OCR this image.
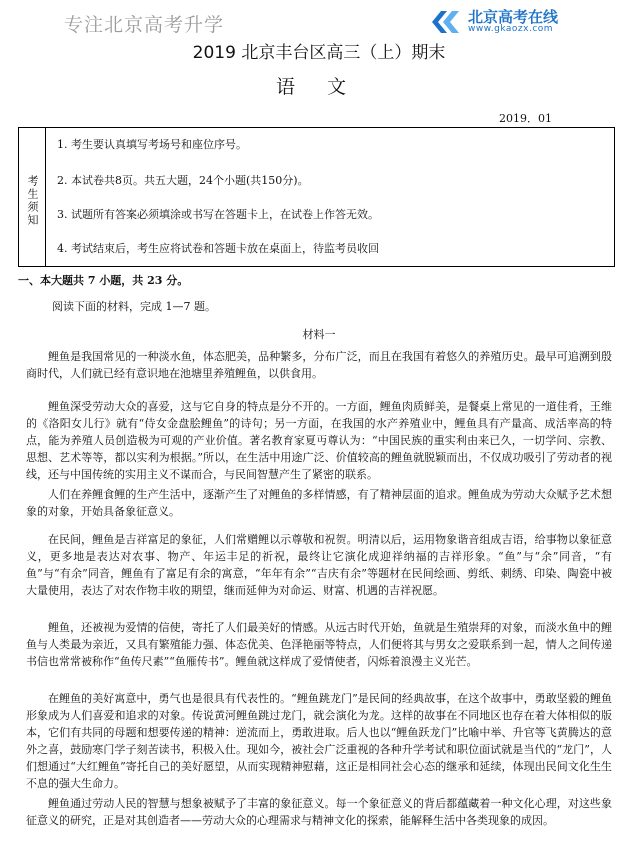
专注北京高考升学	北京高考在线
www.gkaozx.com
2019 北京丰台区高三（上）期末
语文
2019．01
考生须知
1. 考生要认真填写考场号和座位序号。
2. 本试卷共8页。共五大题，24个小题(共150分)。
3. 试题所有答案必须填涂或书写在答题卡上，在试卷上作答无效。
4. 考试结束后，考生应将试卷和答题卡放在桌面上，待监考员收回
一、本大题共 7 小题，共 23 分。
阅读下面的材料，完成 1—7 题。
材料一
鲤鱼是我国常见的一种淡水鱼，体态肥美，品种繁多，分布广泛，而且在我国有着悠久的养殖历史。最早可追溯到殷商时代，人们就已经有意识地在池塘里养殖鲤鱼，以供食用。
鲤鱼深受劳动大众的喜爱，这与它自身的特点是分不开的。一方面，鲤鱼肉质鲜美，是餐桌上常见的一道佳肴，王维的《洛阳女儿行》就有“侍女金盘脍鲤鱼”的诗句；另一方面，在我国的水产养殖业中，鲤鱼具有产量高、成活率高的特点，能为养殖人员创造极为可观的产业价值。著名教育家夏丏尊认为：“中国民族的重实利由来已久，一切学问、宗教、思想、艺术等等，都以实利为根据。”所以，在生活中用途广泛、价值较高的鲤鱼就脱颖而出，不仅成功吸引了劳动者的视线，还与中国传统的实用主义不谋而合，与民间智慧产生了紧密的联系。
人们在养鲤食鲤的生产生活中，逐渐产生了对鲤鱼的多样情感，有了精神层面的追求。鲤鱼成为劳动大众赋予艺术想象的对象，开始具备象征意义。
在民间，鲤鱼是吉祥富足的象征，人们常赠鲤以示尊敬和祝贺。明清以后，运用物象谐音组成吉语，给事物以象征意义，更多地是表达对农事、物产、年运丰足的祈祝，最终让它演化成迎祥纳福的吉祥形象。“鱼”与“余”同音，“有鱼”与“有余”同音，鲤鱼有了富足有余的寓意，“年年有余”“吉庆有余”等题材在民间绘画、剪纸、刺绣、印染、陶瓷中被大量使用，表达了对农作物丰收的期望，继而延伸为对命运、财富、机遇的吉祥祝愿。
鲤鱼，还被视为爱情的信使，寄托了人们最美好的情感。从远古时代开始，鱼就是生殖崇拜的对象，而淡水鱼中的鲤鱼与人类最为亲近，又具有繁殖能力强、体态优美、色泽艳丽等特点，人们便将其与男女之爱联系到一起，情人之间传递书信也常常被称作“鱼传尺素”“鱼雁传书”。鲤鱼就这样成了爱情使者，闪烁着浪漫主义光芒。
在鲤鱼的美好寓意中，勇气也是很具有代表性的。“鲤鱼跳龙门”是民间的经典故事，在这个故事中，勇敢坚毅的鲤鱼形象成为人们喜爱和追求的对象。传说黄河鲤鱼跳过龙门，就会演化为龙。这样的故事在不同地区也存在着大体相似的版本，它们有共同的母题和想要传递的精神：逆流而上，勇敢进取。后人也以“鲤鱼跃龙门”比喻中举、升官等飞黄腾达的意外之喜，鼓励寒门学子刻苦读书，积极入仕。现如今，被社会广泛重视的各种升学考试和职位面试就是当代的“龙门”，人们想通过“大红鲤鱼”寄托自己的美好愿望，从而实现精神慰藉，这正是相同社会心态的继承和延续，体现出民间文化生生不息的强大生命力。
鲤鱼通过劳动人民的智慧与想象被赋予了丰富的象征意义。每一个象征意义的背后都蕴藏着一种文化心理，对这些象征意义的研究，正是对其创造者——劳动大众的心理需求与精神文化的探索，能解释生活中各类现象的成因。
